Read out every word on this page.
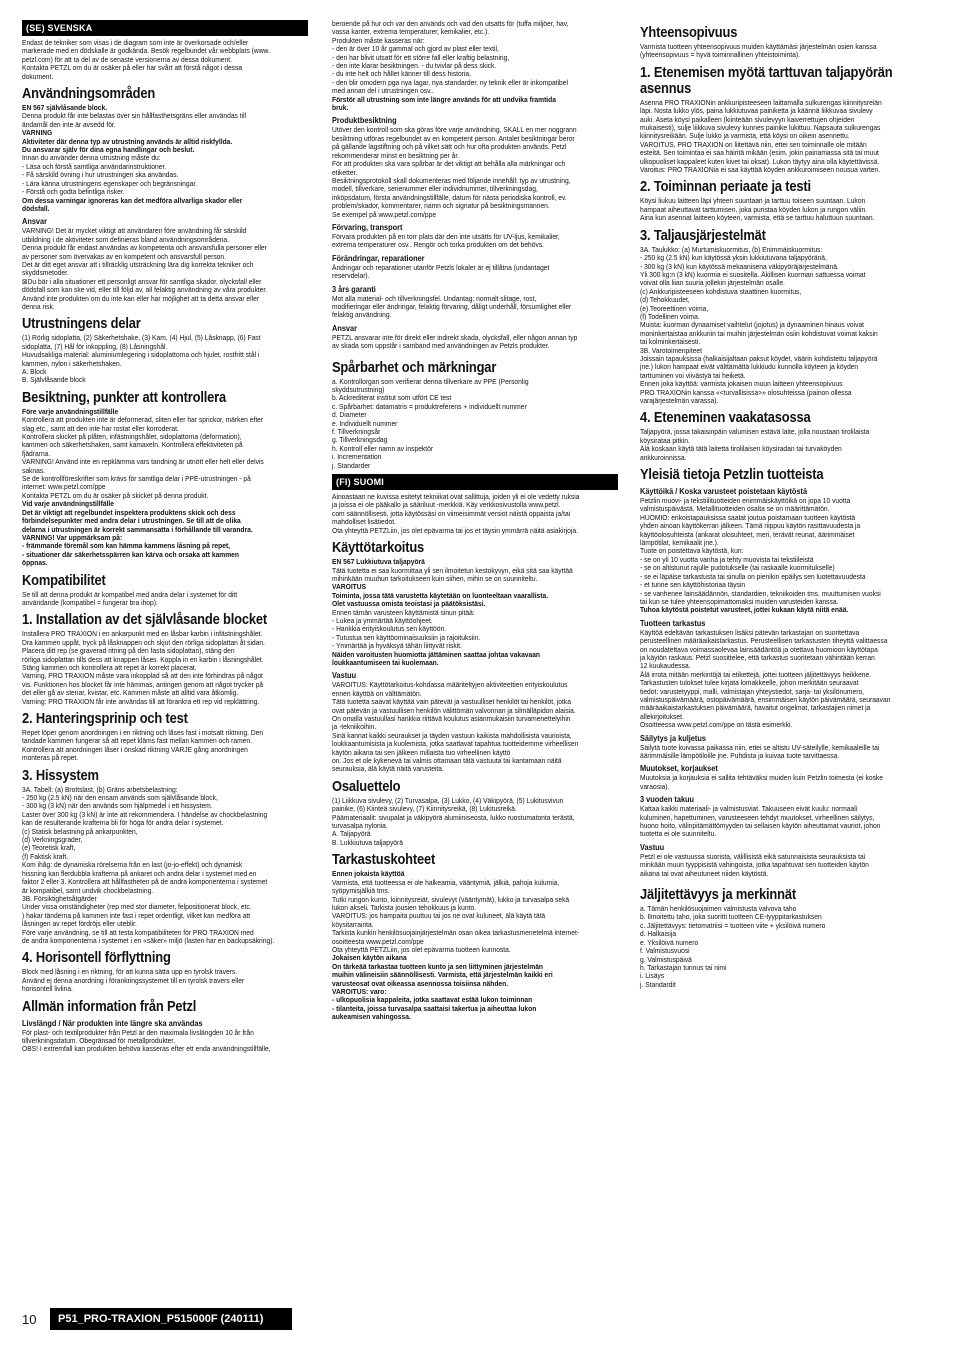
(SE) SVENSKA

Endast de tekniker som visas i de diagram som inte är överkorsade och/eller
markerade med en dödskalle är godkända. Besök regelbundet vår webbplats (www.
petzl.com) för att ta del av de senaste versionerna av dessa dokument.
Kontakta PETZL om du är osäker på eller har svårt att förstå något i dessa
dokument.

Användningsområden

EN 567 självlåsande block.

Denna produkt får inte belastas över sin hållfasthetsgräns eller användas till
ändamål den inte är avsedd för.

VARNING
Aktiviteter där denna typ av utrustning används är alltid riskfyllda.
Du ansvarar själv för dina egna handlingar och beslut.

Innan du använder denna utrustning måste du:
- Läsa och förstå samtliga användarinstruktioner.
- Få särskild övning i hur utrustningen ska användas.
- Lära känna utrustningens egenskaper och begränsningar.
- Förstå och godta befintliga risker.

Om dessa varningar ignoreras kan det medföra allvarliga skador eller
dödsfall.

Ansvar

VARNING! Det är mycket viktigt att användaren före användning får särskild
utbildning i de aktiviteter som definieras bland användningsområdena.
Denna produkt får endast användas av kompetenta och ansvarsfulla personer eller
av personer som övervakas av en kompetent och ansvarsfull person.
Det är ditt eget ansvar att i tillräcklig utsträckning lära dig korrekta tekniker och
skyddsmetoder.
⊠Du bär i alla situationer ett personligt ansvar för samtliga skador, olycksfall eller
dödsfall som kan ske vid, eller till följd av, all felaktig användning av våra produkter.
Använd inte produkten om du inte kan eller har möjlighet att ta detta ansvar eller
denna risk.

Utrustningens delar

(1) Rörlig sidoplatta, (2) Säkerhetshake, (3) Kam, (4) Hjul, (5) Låsknapp, (6) Fast
sidoplatta, (7) Hål för inkoppling, (8) Låsningshål.
Huvudsakliga material: aluminiumlegering i sidoplattorna och hjulet, rostfritt stål i
kammen, nylon i säkerhetshaken.
A. Block
B. Självlåsande block

Besiktning, punkter att kontrollera

Före varje användningstillfälle

Kontrollera att produkten inte är deformerad, sliten eller har sprickor, märken efter
slag etc., samt att den inte har rostat eller korroderat.
Kontrollera skicket på plåten, infästningshålet, sidoplattorna (deformation),
kammen och säkerhetshaken, samt kamaxeln. Kontrollera effektiviteten på
fjädrarna.
VARNING! Använd inte en repklämma vars tandning är utnött eller helt eller delvis
saknas.
Se de kontrollföreskrifter som krävs för samtliga delar i PPE-utrustningen - på
internet: www.petzl.com/ppe
Kontakta PETZL om du är osäker på skicket på denna produkt.

Vid varje användningstillfälle
Det är viktigt att regelbundet inspektera produktens skick och dess
förbindelsepunkter med andra delar i utrustningen. Se till att de olika
delarna i utrustningen är korrekt sammansatta i förhållande till varandra.
VARNING! Var uppmärksam på:
- främmande föremål som kan hämma kammens låsning på repet,
- situationer där säkerhetsspärren kan kärva och orsaka att kammen
öppnas.

Kompatibilitet

Se till att denna produkt är kompatibel med andra delar i systemet för ditt
användande (kompatibel = fungerar bra ihop).

1. Installation av det självlåsande blocket

Installera PRO TRAXION i en ankarpunkt med en låsbar karbin i infästningshålet.
Dra kammen uppåt, tryck på låsknappen och skjut den rörliga sidoplattan åt sidan.
Placera ditt rep (se graverad ritning på den fasta sidoplattan), stäng den
rörliga sidoplattan tills dess att knappen låses. Koppla in en karbin i låsningshålet.
Stäng kammen och kontrollera att repet är korrekt placerat.
Varning, PRO TRAXION måste vara inkopplad så att den inte förhindras på något
vis. Funktionen hos blocket får inte hämmas, antingen genom att något trycker på
det eller gå av stenar, kvistar, etc. Kammen måste att alltid vara åtkomlig.
Varning: PRO TRAXION får inte användas till att förankra ett rep vid repklättring.

2. Hanteringsprinip och test

Repet löper genom anordningen i en riktning och låses fast i motsatt riktning. Den
tandade kammen fungerar så att repet kläms fast mellan kammen och ramen.
Kontrollera att anordningen låser i önskad riktning VARJE gång anordningen
monteras på repet.

3. Hissystem

3A. Tabell: (a) Brottslast, (b) Gräns arbetsbelastning:
- 250 kg (2.5 kN) när den ensam används som självlåsande block,
- 300 kg (3 kN) när den används som hjälpmedel i ett hissystem.
Laster över 300 kg (3 kN) är inte att rekommendera. I händelse av chockbelastning
kan de resulterande krafterna bli för höga för andra delar i systemet.
(c) Statisk belastning på ankarpunkten,
(d) Verkningsgrader,
(e) Teoretisk kraft,
(f) Faktisk kraft.
Kom ihåg: de dynamiska rörelserna från en last (jo-jo-effekt) och dynamisk
hissning kan flerdubbla krafterna på ankaret och andra delar i systemet med en
faktor 2 eller 3. Kontrollera att hållfastheten på de andra komponenterna i systemet
är kompatibel, samt undvik chockbelastning.
3B. Försiktighetsåtgärder
Under vissa omständigheter (rep med stor diameter, felpositionerat block, etc.
) hakar tänderna på kammen inte fast i repet ordentligt, vilket kan medföra att
låsningen av repet fördröjs eller uteblir.
Före varje användning, se till att testa kompatibiliteten för PRO TRAXION med
de andra komponenterna i systemet i en «säker» miljö (lasten har en backupsäkring).

4. Horisontell förflyttning

Block med låsning i en riktning, för att kunna sätta upp en tyrolsk travers.
Använd ej denna anordning i förankringssystemet till en tyrolsk travers eller
horisontell livlina.

Allmän information från Petzl
Livslängd / När produkten inte längre ska användas

För plast- och textilprodukter från Petzl är den maximala livslängden 10 år från
tillverkningsdatum. Obegränsad för metallprodukter.
OBS! I extremfall kan produkten behöva kasseras efter ett enda användningstillfälle,

beroende på hur och var den används och vad den utsatts för (tuffa miljöer, hav,
vassa kanter, extrema temperaturer, kemikalier, etc.).
Produkten måste kasseras när:
- den är över 10 år gammal och gjord av plast eller textil,
- den har blivit utsatt för ett större fall eller kraftig belastning,
- den inte klarar besiktningen. - du tvivlar på dess skick.
- du inte helt och hållet känner till dess historia,
- den blir omodern pga nya lagar, nya standarder, ny teknik eller är inkompatibel
med annan del i utrustningen osv..

Förstör all utrustning som inte längre används för att undvika framtida
bruk.

Produktbesiktning

Utöver den kontroll som ska göras före varje användning, SKALL en mer noggrann
besiktning utföras regelbundet av en kompetent person. Antalet besiktningar beror
på gällande lagstiftning och på vilket sätt och hur ofta produkten används. Petzl
rekommenderar minst en besiktning per år.
För att produkten ska vara spårbar är det viktigt att behålla alla märkningar och
etiketter.
Besiktningsprotokoll skall dokumenteras med följande innehåll: typ av utrustning,
modell, tillverkare, serienummer eller individnummer, tillverkningsdag,
inköpsdatum, första användningstillfälle, datum för nästa periodiska kontroll, ev.
problem/skador, kommentarer, namn och signatur på besiktningsmannen.
Se exempel på www.petzl.com/ppe

Förvaring, transport

Förvara produkten på en torr plats där den inte utsätts för UV-ljus, kemikalier,
extrema temperaturer osv.. Rengör och torka produkten om det behövs.

Förändringar, reparationer

Ändringar och reparationer utanför Petzls lokaler är ej tillåtna (undantaget
reservdelar).

3 års garanti

Mot alla material- och tillverkningsfel. Undantag: normalt slitage, rost,
modifieringar eller ändringar, felaktig förvaring, dåligt underhåll, försumlighet eller
felaktig användning.

Ansvar

PETZL ansvarar inte för direkt eller indirekt skada, olycksfall, eller någon annan typ
av skada som uppstår i samband med användningen av Petzls produkter.

Spårbarhet och märkningar

a. Kontrollorgan som verifierar denna tillverkare av PPE (Personlig
skyddsutrustning)
b. Ackrediterat institut som utfört CE test
c. Spårbarhet: datamatris = produktreferens + individuellt nummer
d. Diameter
e. Individuellt nummer
f. Tillverkningsår
g. Tillverkningsdag
h. Kontroll eller namn av inspektör
i. Incrementation
j. Standarder

(FI) SUOMI

Ainoastaan ne kuvissa esitetyt tekniikat ovat sallittuja, joiden yli ei ole vedetty ruksia
ja joissa ei ole pääkallo ja sääriluut -merkkiä. Käy verkkosivustolla www.petzl.
com säännöllisesti, jotta käytössäsi on viimeisimmät versiot näistä oppaista ja/tai
mahdolliset lisätiedot.
Ota yhteyttä PETZLiin, jos olet epävarma tai jos et täysin ymmärrä näitä asiakirjoja.

Käyttötarkoitus

EN 567 Lukkiutuva taljapyörä

Tätä tuotetta ei saa kuormittaa yli sen ilmoitetun kestokyvyn, eikä sitä saa käyttää
mihinkään muuhun tarkoitukseen kuin siihen, mihin se on suunniteltu.

VAROITUS
Toiminta, jossa tätä varustetta käytetään on luonteeltaan vaarallista.
Olet vastuussa omista teoistasi ja päätöksistäsi.

Ennen tämän varusteen käyttämistä sinun pitää:
- Lukea ja ymmärtää käyttöohjeet.
- Hankkia erityiskoulutus sen käyttöön.
- Tutustua sen käyttöominaisuuksiin ja rajoituksiin.
- Ymmärtää ja hyväksyä tähän liittyvät riskit.

Näiden varoitusten huomiotta jättäminen saattaa johtaa vakavaan
loukkaantumiseen tai kuolemaan.

Vastuu

VAROITUS: Käyttötarkoitus-kohdassa määriteltyjen aktiviteettien erityiskoulutus
ennen käyttöä on välttämätön.
Tätä tuotetta saavat käyttää vain pätevät ja vastuulliset henkilöt tai henkilöt, jotka
ovat pätevän ja vastuullisen henkilön välittömän valvonnan ja silmälläpidon alaisia.
On omalla vastuullasi hankkia riittävä koulutus asianmukaisiin turvamenettelyihin
ja -tekniikoihin.
Sinä kannat kaikki seuraukset ja täyden vastuun kaikista mahdollisista vaurioista,
loukkaantumisista ja kuolemista, jotka saattavat tapahtua tuotteidemme virheellisen
käytön aikana tai sen jälkeen millaista tuo virheellinen käyttö
on. Jos et ole kykenevä tai valmis ottamaan tätä vastuuta tai kantamaan näitä
seurauksia, älä käytä näitä varusteita.

Osaluettelo

(1) Liikkuva sivulevy, (2) Turvasalpa, (3) Lukko, (4) Väkipyörä, (5) Lukitusvivun
painike, (6) Kiinteä sivulevy, (7) Kiinnitysreikä, (8) Lukitusreikä.
Päämateriaalit: sivupalat ja väkipyörä alumiiniseosta, lukko ruostumatonta terästä,
turvasalpa nylonia.
A. Taljapyörä
B. Lukkiutuva taljapyörä

Tarkastuskohteet

Ennen jokaista käyttöä

Varmista, että tuotteessa ei ole halkeamia, vääntymiä, jälkiä, pahoja kulumia,
syöpymisjälkiä tms.
Tutki rungon kunto, kiinnitysreiät, sivulevyt (vääntymät), lukko ja turvasalpa sekä
lukon akseli. Tarkista jousien tehokkuus ja kunto.
VAROITUS: jos hampaita puuttuu tai jos ne ovat kuluneet, älä käytä tätä
köysitarrainta.
Tarkista kunkin henkilösuojainjärjestelmän osan oikea tarkastusmenetelmä internet-
osoitteesta www.petzl.com/ppe
Ota yhteyttä PETZLiin, jos olet epävarma tuotteen kunnosta.

Jokaisen käytön aikana
On tärkeää tarkastaa tuotteen kunto ja sen liittyminen järjestelmän
muihin välineisiin säännöllisesti. Varmista, että järjestelmän kaikki eri
varusteosat ovat oikeassa asennossa toisiinsa nähden.
VAROITUS: varo:
- ulkopuolisia kappaleita, jotka saattavat estää lukon toiminnan
- tilanteita, joissa turvasalpa saattaisi takertua ja aiheuttaa lukon
aukeamisen vahingossa.

Yhteensopivuus

Varmista tuotteen yhteensopivuus muiden käyttämäsi järjestelmän osien kanssa
(yhteensopivuus = hyvä toiminnallinen yhteistoiminta).

1. Etenemisen myötä tarttuvan taljapyörän asennus

Asenna PRO TRAXIONin ankkuripisteeseen laittamalla sulkurengas kiinnitysreiän
läpi. Nosta lukko ylös, paina lukkiutuvaa painiketta ja käännä liikkuvaa sivulevy
auki. Aseta köysi paikalleen (kiinteään sivulevyyn kaiverrettujen ohjeiden
mukaisesti), sulje liikkuva sivulevy kunnes painike lukittuu. Napsauta sulkurengas
kiinnitysreikään. Sulje lukko ja varmista, että köysi on oikein asennettu.
VAROITUS, PRO TRAXION on liitettävä niin, ettei sen toiminnalle ole mitään
esteitä. Sen toimintaa ei saa häiritä mikään (esim. jokin painamassa sitä tai muut
ulkopuoliset kappaleet kuten kivet tai oksat). Lukon täytyy aina olla käytettävissä.
Varoitus: PRO TRAXIONia ei saa käyttää köyden ankkuroimiseen nousua varten.

2. Toiminnan periaate ja testi

Köysi liukuu laitteen läpi yhteen suuntaan ja tarttuu toiseen suuntaan. Lukon
hampaat aiheuttavat tarttumisen, joka puristaa köyden lukon ja rungon väliin.
Aina kun asennat laitteen köyteen, varmista, että se tarttuu haluttuun suuntaan.

3. Taljausjärjestelmät

3A. Taulukko: (a) Murtumiskuormitus, (b) Enimmäiskuormitus:
- 250 kg (2.5 kN) kun käytössä yksin lukkiutuvana taljapyöränä,
- 300 kg (3 kN) kun käytössä mekaanisena väkipyöräjärjestelmänä.
Yli 300 kg:n (3 kN) kuormia ei suositella. Äkillisen kuorman sattuessa voimat
voivat olla liian suuria jollekin järjestelmän osalle.
(c) Ankkuripisteeseen kohdistuva staattinen kuormitus,
(d) Tehokkuudet,
(e) Teoreettinen voima,
(f) Todellinen voima.
Muista: kuorman dynaamiset vaihtelut (jojotus) ja dynaaminen hinaus voivat
moninkertaistaa ankkuriin tai muihin järjestelmän osiin kohdistuvat voimat kaksin
tai kolminkertaisesti.
3B. Varotoimenpiteet
Joissain tapauksissa (halkaisijaltaan paksut köydet, väärin kohdistettu taljapyörä
jne.) lukon hampaat eivät välttämättä lukkiudu kunnolla köyteen ja köyden
tarttuminen voi viivästyä tai heiketä.
Ennen joka käyttöä: varmista jokaisen muun laitteen yhteensopivuus
PRO TRAXIONin kanssa «<turvallisissa>» olosuhteissa (painon ollessa
varajärjestelmän varassa).

4. Eteneminen vaakatasossa

Taljapyörä, jossa takaisinpäin valumisen estävä laite, jolla noustaan tirolilaista
köysirataa pitkin.
Älä koskaan käytä tätä laitetta tirolilaisen köysiradan tai turvaköyden
ankkuroinnissa.

Yleisiä tietoja Petzlin tuotteista
Käyttöikä / Koska varusteet poistetaan käytöstä

Petzlin muovi- ja tekstiilituotteiden enimmäiskäyttöikä on jopa 10 vuotta
valmistuspäivästä. Metallituotteiden osalta se on määrittämätön.
HUOMIO: erikoistapauksissa saatat joutua poistamaan tuotteen käytöstä
yhden ainoan käyttökerran jälkeen. Tämä riippuu käytön rasittavuudesta ja
käyttöolosuhteista (ankarat olosuhteet, meri, terävät reunat, äärimmäiset
lämpötilat, kemikaalit jne.).
Tuote on poistettava käytöstä, kun:
- se on yli 10 vuotta vanha ja tehty muovista tai tekstiileistä
- se on altistunut rajulle pudotukselle (tai raskaalle kuormitukselle)
- se ei läpäise tarkastusta tai sinulla on pienikin epäilys sen luotettavuudesta
- et tunne sen käyttöhistoriaa täysin
- se vanhenee lainsäädännön, standardien, tekniikoiden tms. muuttumisen vuoksi
tai kun se tulee yhteensopimattomaksi muiden varusteiden kanssa.

Tuhoa käytöstä poistetut varusteet, jottei kukaan käytä niitä enää.

Tuotteen tarkastus

Käyttöä edeltävän tarkastuksen lisäksi pätevän tarkastajan on suoritettava
perusteellinen määräaikaistarkastus. Perusteellisen tarkastusten tiheyttä valittaessa
on noudatettava voimassaolevaa lainsäädäntöä ja otettava huomioon käyttötapa
ja käytön raskaus. Petzl suosittelee, että tarkastus suoritetaan vähintään kerran
12 kuukaudessa.
Älä irrota mitään merkintöjä tai etikettejä, jottei tuotteen jäljitettävyys heikkene.
Tarkastusten tulokset tulee kirjata lomakkeelle, johon merkitään seuraavat
tiedot: varustetyyppi, malli, valmistajan yhteystiedot, sarja- tai yksilönumero,
valmistuspäivämäärä, ostopäivämäärä, ensimmäisen käytön päivämäärä, seuraavan
määräaikaistarkastuksen päivämäärä, havaitut ongelmat, tarkastajien nimet ja
allekirjoitukset.
Osoitteessa www.petzl.com/ppe on tästä esimerkki.

Säilytys ja kuljetus

Säilytä tuote kuivassa paikassa niin, ettei se altistu UV-säteilylle, kemikaaleille tai
äärimmäisille lämpötiloille jne. Puhdista ja kuivaa tuote tarvittaessa.

Muutokset, korjaukset

Muutoksia ja korjauksia ei sallita tehtäväksi muiden kuin Petzlin toimesta (ei koske
varaosia).

3 vuoden takuu

Kattaa kaikki materiaali- ja valmistusviat. Takuuseen eivät kuulu: normaali
kuluminen, hapettuminen, varusteeseen tehdyt muutokset, virheellinen säilytys,
huono hoito, välinpitämättömyyden tai sellaisen käytön aiheuttamat vauriot, johon
tuotetta ei ole suunniteltu.

Vastuu

Petzl ei ole vastuussa suorista, välillisistä eikä satunnaisista seurauksista tai
minkään muun tyyppisistä vahingoista, jotka tapahtuvat sen tuotteiden käytön
aikana tai ovat aiheutuneet niiden käytöstä.

Jäljitettävyys ja merkinnät

a. Tämän henkilösuojaimen valmistusta valvova taho
b. Ilmoitettu taho, joka suoritti tuotteen CE-tyyppitarkastuksen
c. Jäljitettävyys: tietomatriisi = tuotteen viite + yksilöivä numero
d. Halkaisija
e. Yksilöivä numero
f. Valmistusvuosi
g. Valmistuspäivä
h. Tarkastajan tunnus tai nimi
i. Lisäys
j. Standardit

10	P51_PRO-TRAXION_P515000F (240111)
